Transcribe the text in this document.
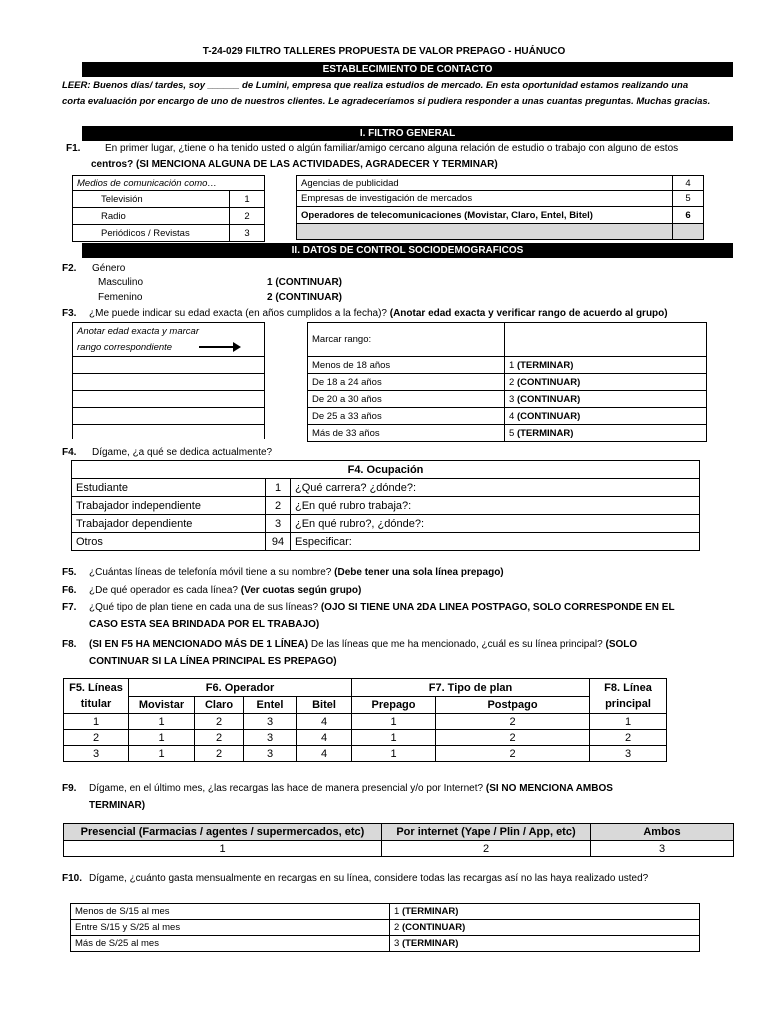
T-24-029 FILTRO TALLERES PROPUESTA DE VALOR PREPAGO - HUÁNUCO
ESTABLECIMIENTO DE CONTACTO
LEER: Buenos días/ tardes, soy ______ de Lumini, empresa que realiza estudios de mercado. En esta oportunidad estamos realizando una
corta evaluación por encargo de uno de nuestros clientes. Le agradeceríamos si pudiera responder a unas cuantas preguntas. Muchas gracias.
I. FILTRO GENERAL
F1. En primer lugar, ¿tiene o ha tenido usted o algún familiar/amigo cercano alguna relación de estudio o trabajo con alguno de estos
centros? (SI MENCIONA ALGUNA DE LAS ACTIVIDADES, AGRADECER Y TERMINAR)
Medios de comunicación como…	
Televisión	1
Radio	2
Periódicos / Revistas	3
Agencias de publicidad	4
Empresas de investigación de mercados	5
Operadores de telecomunicaciones (Movistar, Claro, Entel, Bitel)	6

II. DATOS DE CONTROL SOCIODEMOGRAFICOS
F2. Género
Masculino	1 (CONTINUAR)
Femenino	2 (CONTINUAR)
F3. ¿Me puede indicar su edad exacta (en años cumplidos a la fecha)? (Anotar edad exacta y verificar rango de acuerdo al grupo)
Anotar edad exacta y marcar
rango correspondiente

Marcar rango:	
Menos de 18 años	1 (TERMINAR)
De 18 a 24 años	2 (CONTINUAR)
De 20 a 30 años	3 (CONTINUAR)
De 25 a 33 años	4 (CONTINUAR)
Más de 33 años	5 (TERMINAR)
F4. Dígame, ¿a qué se dedica actualmente?
F4. Ocupación		
Estudiante	1	¿Qué carrera? ¿dónde?:
Trabajador independiente	2	¿En qué rubro trabaja?:
Trabajador dependiente	3	¿En qué rubro?, ¿dónde?:
Otros	94	Especificar:
F5. ¿Cuántas líneas de telefonía móvil tiene a su nombre? (Debe tener una sola línea prepago)
F6. ¿De qué operador es cada línea? (Ver cuotas según grupo)
F7. ¿Qué tipo de plan tiene en cada una de sus líneas? (OJO SI TIENE UNA 2DA LINEA POSTPAGO, SOLO CORRESPONDE EN EL
CASO ESTA SEA BRINDADA POR EL TRABAJO)
F8. (SI EN F5 HA MENCIONADO MÁS DE 1 LÍNEA) De las líneas que me ha mencionado, ¿cuál es su línea principal? (SOLO
CONTINUAR SI LA LÍNEA PRINCIPAL ES PREPAGO)
F5. Líneas
titular	F6. Operador				F7. Tipo de plan		F8. Línea
principal
	Movistar	Claro	Entel	Bitel	Prepago	Postpago	
1	1	2	3	4	1	2	1
2	1	2	3	4	1	2	2
3	1	2	3	4	1	2	3
F9. Dígame, en el último mes, ¿las recargas las hace de manera presencial y/o por Internet? (SI NO MENCIONA AMBOS
TERMINAR)
Presencial (Farmacias / agentes / supermercados, etc)	Por internet (Yape / Plin / App, etc)	Ambos
1	2	3
F10. Dígame, ¿cuánto gasta mensualmente en recargas en su línea, considere todas las recargas así no las haya realizado usted?
Menos de S/15 al mes	1 (TERMINAR)
Entre S/15 y S/25 al mes	2 (CONTINUAR)
Más de S/25 al mes	3 (TERMINAR)
